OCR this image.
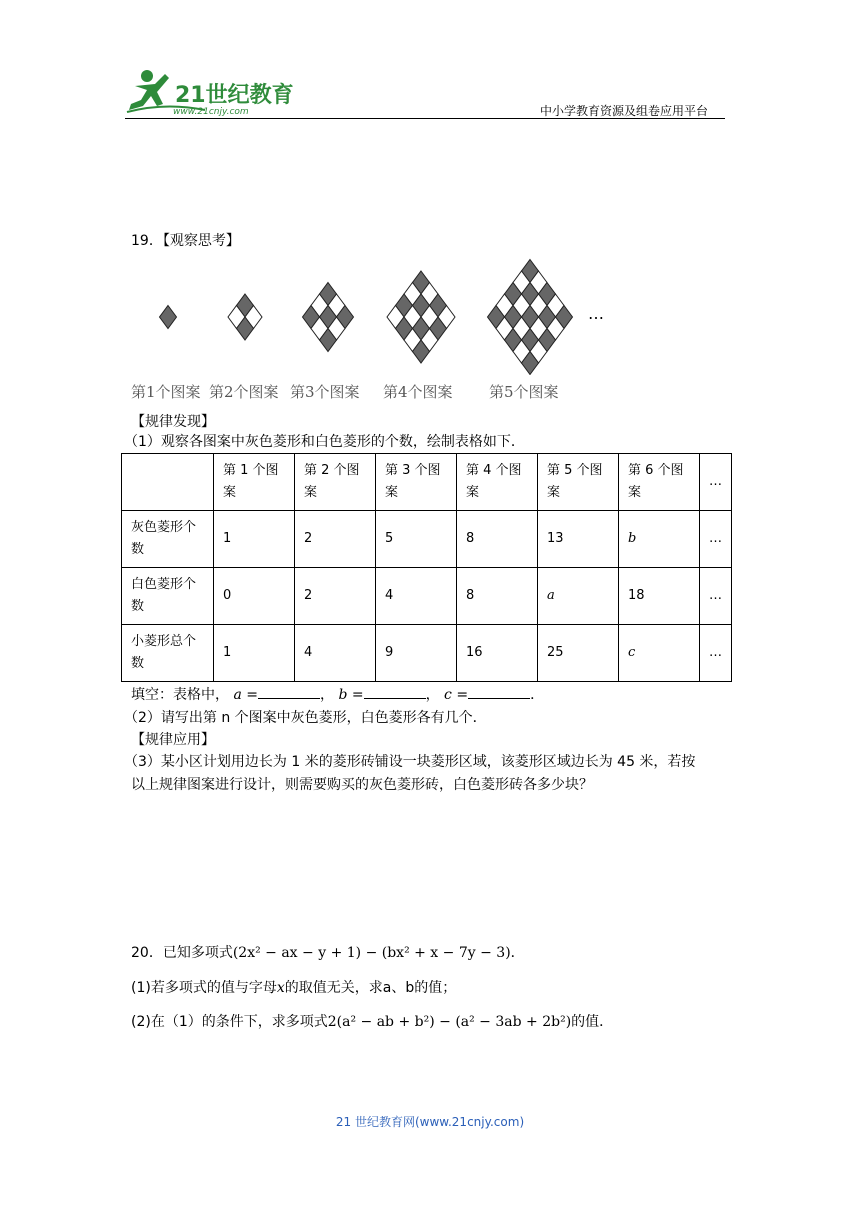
21世纪教育
www.21cnjy.com	中小学教育资源及组卷应用平台
19．【观察思考】
…
第1个图案 第2个图案 第3个图案 第4个图案 第5个图案
【规律发现】
（1）观察各图案中灰色菱形和白色菱形的个数，绘制表格如下．
	第 1 个图案	第 2 个图案	第 3 个图案	第 4 个图案	第 5 个图案	第 6 个图案	…
灰色菱形个数	1	2	5	8	13	b	…
白色菱形个数	0	2	4	8	a	18	…
小菱形总个数	1	4	9	16	25	c	…
填空：表格中， a =	， b =	， c =	．
（2）请写出第 n 个图案中灰色菱形，白色菱形各有几个．
【规律应用】
（3）某小区计划用边长为 1 米的菱形砖铺设一块菱形区域，该菱形区域边长为 45 米，若按
以上规律图案进行设计，则需要购买的灰色菱形砖，白色菱形砖各多少块？
20．已知多项式(2x² − ax − y + 1) − (bx² + x − 7y − 3)．
(1)若多项式的值与字母x的取值无关，求a、b的值；
(2)在（1）的条件下，求多项式2(a² − ab + b²) − (a² − 3ab + 2b²)的值．
21 世纪教育网(www.21cnjy.com)
